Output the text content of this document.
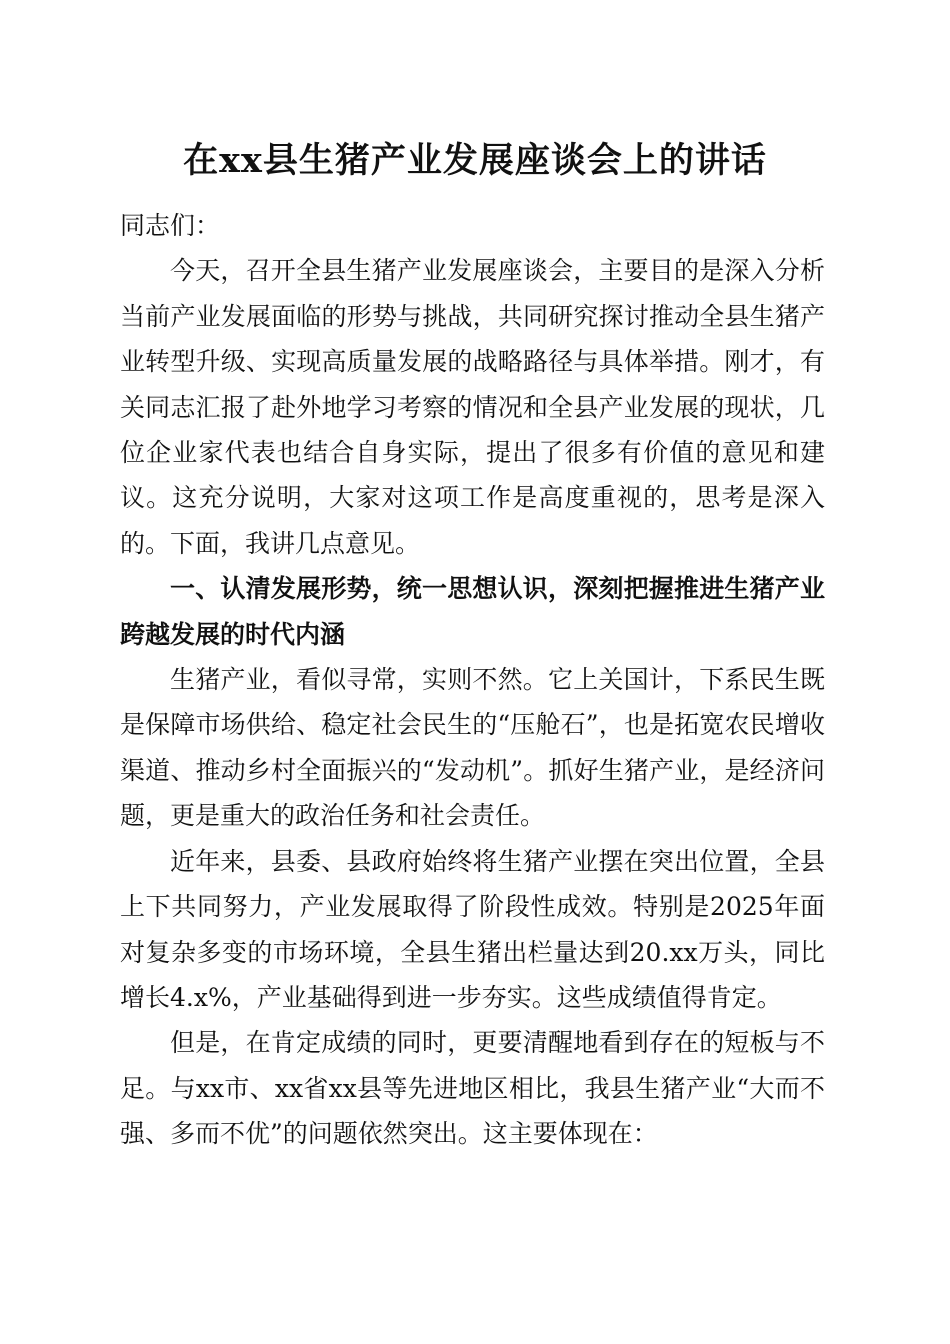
在xx县生猪产业发展座谈会上的讲话

同志们：

今天，召开全县生猪产业发展座谈会，主要目的是深入分析当前产业发展面临的形势与挑战，共同研究探讨推动全县生猪产业转型升级、实现高质量发展的战略路径与具体举措。刚才，有关同志汇报了赴外地学习考察的情况和全县产业发展的现状，几位企业家代表也结合自身实际，提出了很多有价值的意见和建议。这充分说明，大家对这项工作是高度重视的，思考是深入的。下面，我讲几点意见。

一、认清发展形势，统一思想认识，深刻把握推进生猪产业跨越发展的时代内涵

生猪产业，看似寻常，实则不然。它上关国计，下系民生既是保障市场供给、稳定社会民生的“压舱石”，也是拓宽农民增收渠道、推动乡村全面振兴的“发动机”。抓好生猪产业，是经济问题，更是重大的政治任务和社会责任。

近年来，县委、县政府始终将生猪产业摆在突出位置，全县上下共同努力，产业发展取得了阶段性成效。特别是2025年面对复杂多变的市场环境，全县生猪出栏量达到20.xx万头，同比增长4.x%，产业基础得到进一步夯实。这些成绩值得肯定。

但是，在肯定成绩的同时，更要清醒地看到存在的短板与不足。与xx市、xx省xx县等先进地区相比，我县生猪产业“大而不强、多而不优”的问题依然突出。这主要体现在：
